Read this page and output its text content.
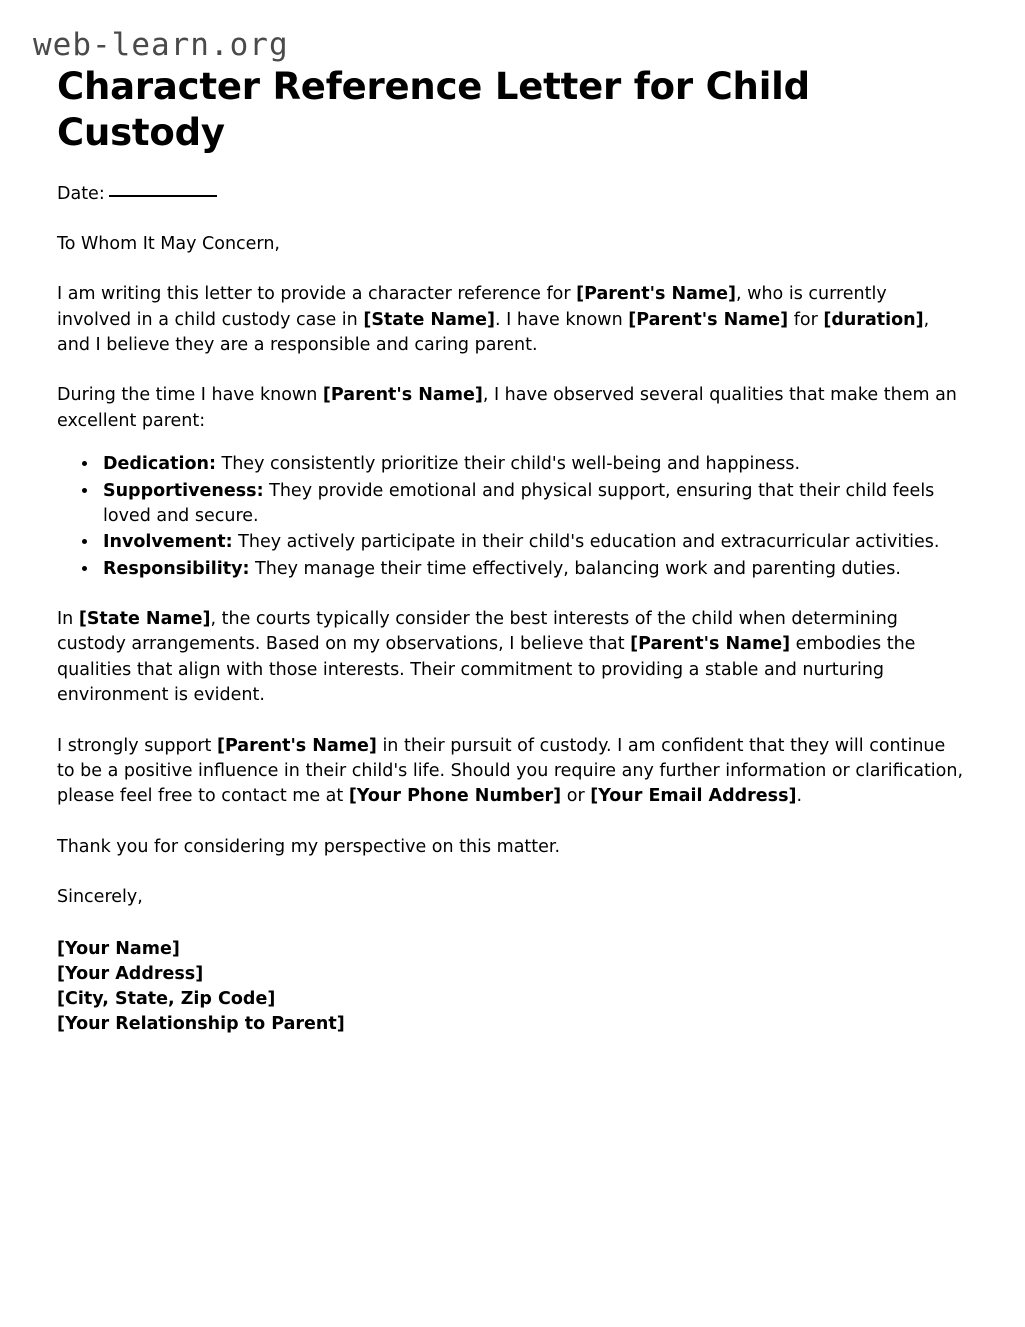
web-learn.org
Character Reference Letter for Child Custody

Date:

To Whom It May Concern,

I am writing this letter to provide a character reference for [Parent's Name], who is currently involved in a child custody case in [State Name]. I have known [Parent's Name] for [duration], and I believe they are a responsible and caring parent.

During the time I have known [Parent's Name], I have observed several qualities that make them an excellent parent:

• Dedication: They consistently prioritize their child's well-being and happiness.
• Supportiveness: They provide emotional and physical support, ensuring that their child feels loved and secure.
• Involvement: They actively participate in their child's education and extracurricular activities.
• Responsibility: They manage their time effectively, balancing work and parenting duties.

In [State Name], the courts typically consider the best interests of the child when determining custody arrangements. Based on my observations, I believe that [Parent's Name] embodies the qualities that align with those interests. Their commitment to providing a stable and nurturing environment is evident.

I strongly support [Parent's Name] in their pursuit of custody. I am confident that they will continue to be a positive influence in their child's life. Should you require any further information or clarification, please feel free to contact me at [Your Phone Number] or [Your Email Address].

Thank you for considering my perspective on this matter.

Sincerely,

[Your Name]
[Your Address]
[City, State, Zip Code]
[Your Relationship to Parent]
